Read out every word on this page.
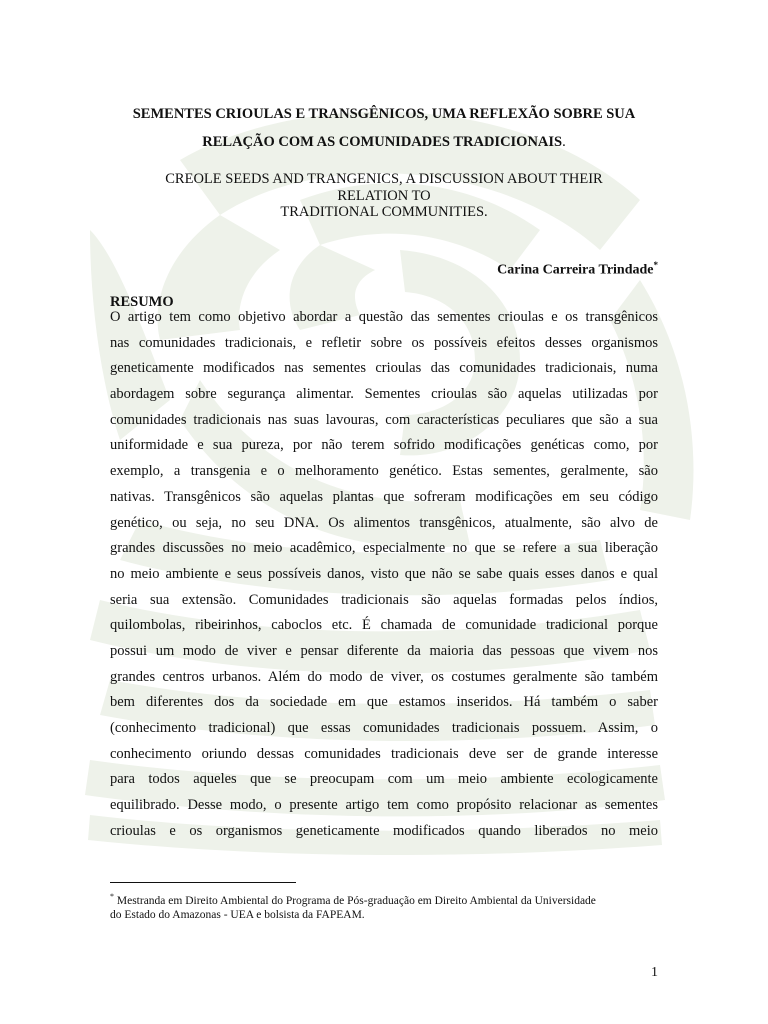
SEMENTES CRIOULAS E TRANSGÊNICOS, UMA REFLEXÃO SOBRE SUA
RELAÇÃO COM AS COMUNIDADES TRADICIONAIS.
CREOLE SEEDS AND TRANGENICS, A DISCUSSION ABOUT THEIR
RELATION TO
TRADITIONAL COMMUNITIES.
Carina Carreira Trindade*
RESUMO
O artigo tem como objetivo abordar a questão das sementes crioulas e os transgênicos
nas comunidades tradicionais, e refletir sobre os possíveis efeitos desses organismos
geneticamente modificados nas sementes crioulas das comunidades tradicionais, numa
abordagem sobre segurança alimentar. Sementes crioulas são aquelas utilizadas por
comunidades tradicionais nas suas lavouras, com características peculiares que são a sua
uniformidade e sua pureza, por não terem sofrido modificações genéticas como, por
exemplo, a transgenia e o melhoramento genético. Estas sementes, geralmente, são
nativas. Transgênicos são aquelas plantas que sofreram modificações em seu código
genético, ou seja, no seu DNA. Os alimentos transgênicos, atualmente, são alvo de
grandes discussões no meio acadêmico, especialmente no que se refere a sua liberação
no meio ambiente e seus possíveis danos, visto que não se sabe quais esses danos e qual
seria sua extensão. Comunidades tradicionais são aquelas formadas pelos índios,
quilombolas, ribeirinhos, caboclos etc. É chamada de comunidade tradicional porque
possui um modo de viver e pensar diferente da maioria das pessoas que vivem nos
grandes centros urbanos. Além do modo de viver, os costumes geralmente são também
bem diferentes dos da sociedade em que estamos inseridos. Há também o saber
(conhecimento tradicional) que essas comunidades tradicionais possuem. Assim, o
conhecimento oriundo dessas comunidades tradicionais deve ser de grande interesse
para todos aqueles que se preocupam com um meio ambiente ecologicamente
equilibrado. Desse modo, o presente artigo tem como propósito relacionar as sementes
crioulas e os organismos geneticamente modificados quando liberados no meio
* Mestranda em Direito Ambiental do Programa de Pós-graduação em Direito Ambiental da Universidade
do Estado do Amazonas - UEA e bolsista da FAPEAM.
1
